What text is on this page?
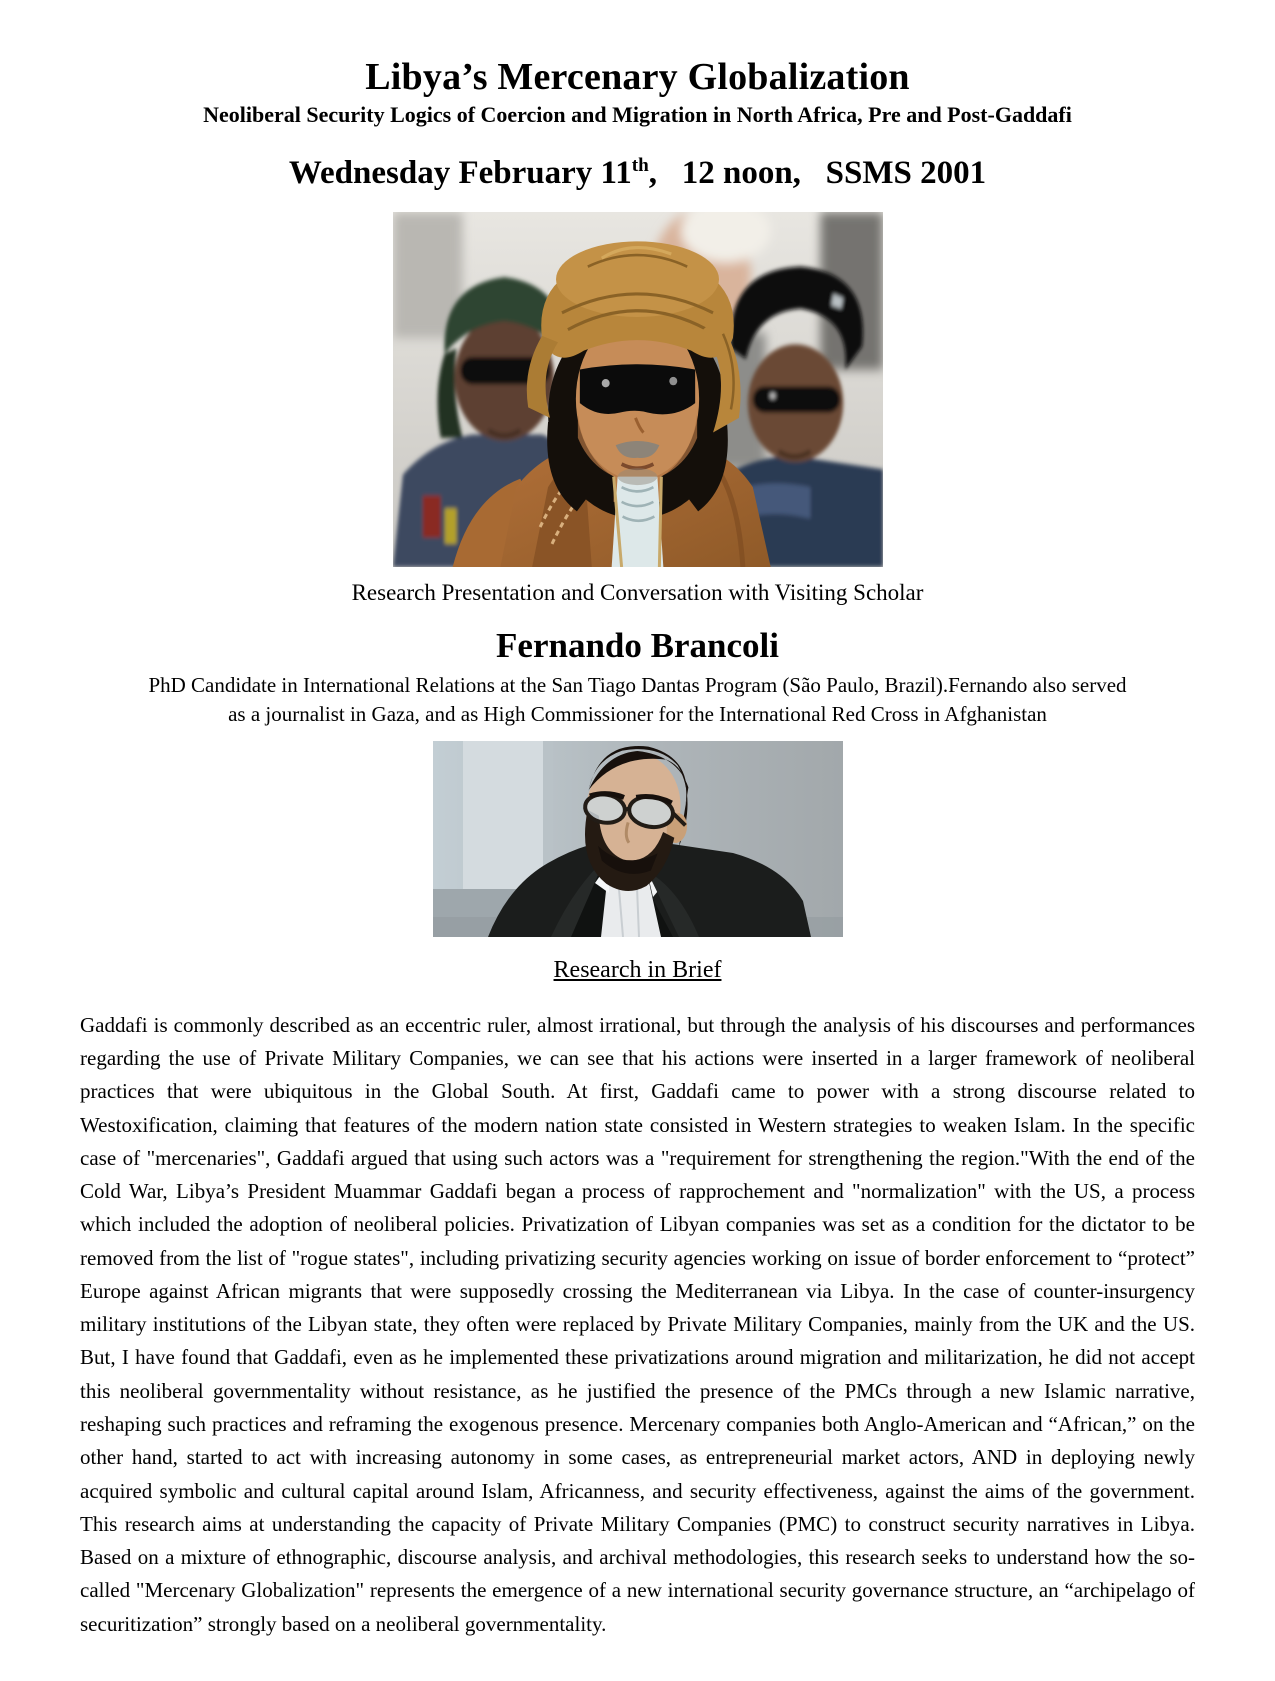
Libya’s Mercenary Globalization
Neoliberal Security Logics of Coercion and Migration in North Africa, Pre and Post-Gaddafi
Wednesday February 11th,  12 noon,  SSMS 2001
Research Presentation and Conversation with Visiting Scholar
Fernando Brancoli
PhD Candidate in International Relations at the San Tiago Dantas Program (São Paulo, Brazil).Fernando also served
as a journalist in Gaza, and as High Commissioner for the International Red Cross in Afghanistan
Research in Brief

Gaddafi is commonly described as an eccentric ruler, almost irrational, but through the analysis of his discourses and performances regarding the use of Private Military Companies, we can see that his actions were inserted in a larger framework of neoliberal practices that were ubiquitous in the Global South. At first, Gaddafi came to power with a strong discourse related to Westoxification, claiming that features of the modern nation state consisted in Western strategies to weaken Islam. In the specific case of "mercenaries", Gaddafi argued that using such actors was a "requirement for strengthening the region."With the end of the Cold War, Libya’s President Muammar Gaddafi began a process of rapprochement and "normalization" with the US, a process which included the adoption of neoliberal policies. Privatization of Libyan companies was set as a condition for the dictator to be removed from the list of "rogue states", including privatizing security agencies working on issue of border enforcement to “protect” Europe against African migrants that were supposedly crossing the Mediterranean via Libya. In the case of counter-insurgency military institutions of the Libyan state, they often were replaced by Private Military Companies, mainly from the UK and the US. But, I have found that Gaddafi, even as he implemented these privatizations around migration and militarization, he did not accept this neoliberal governmentality without resistance, as he justified the presence of the PMCs through a new Islamic narrative, reshaping such practices and reframing the exogenous presence. Mercenary companies both Anglo-American and “African,” on the other hand, started to act with increasing autonomy in some cases, as entrepreneurial market actors, AND in deploying newly acquired symbolic and cultural capital around Islam, Africanness, and security effectiveness, against the aims of the government. This research aims at understanding the capacity of Private Military Companies (PMC) to construct security narratives in Libya. Based on a mixture of ethnographic, discourse analysis, and archival methodologies, this research seeks to understand how the so-called "Mercenary Globalization" represents the emergence of a new international security governance structure, an “archipelago of securitization” strongly based on a neoliberal governmentality.
